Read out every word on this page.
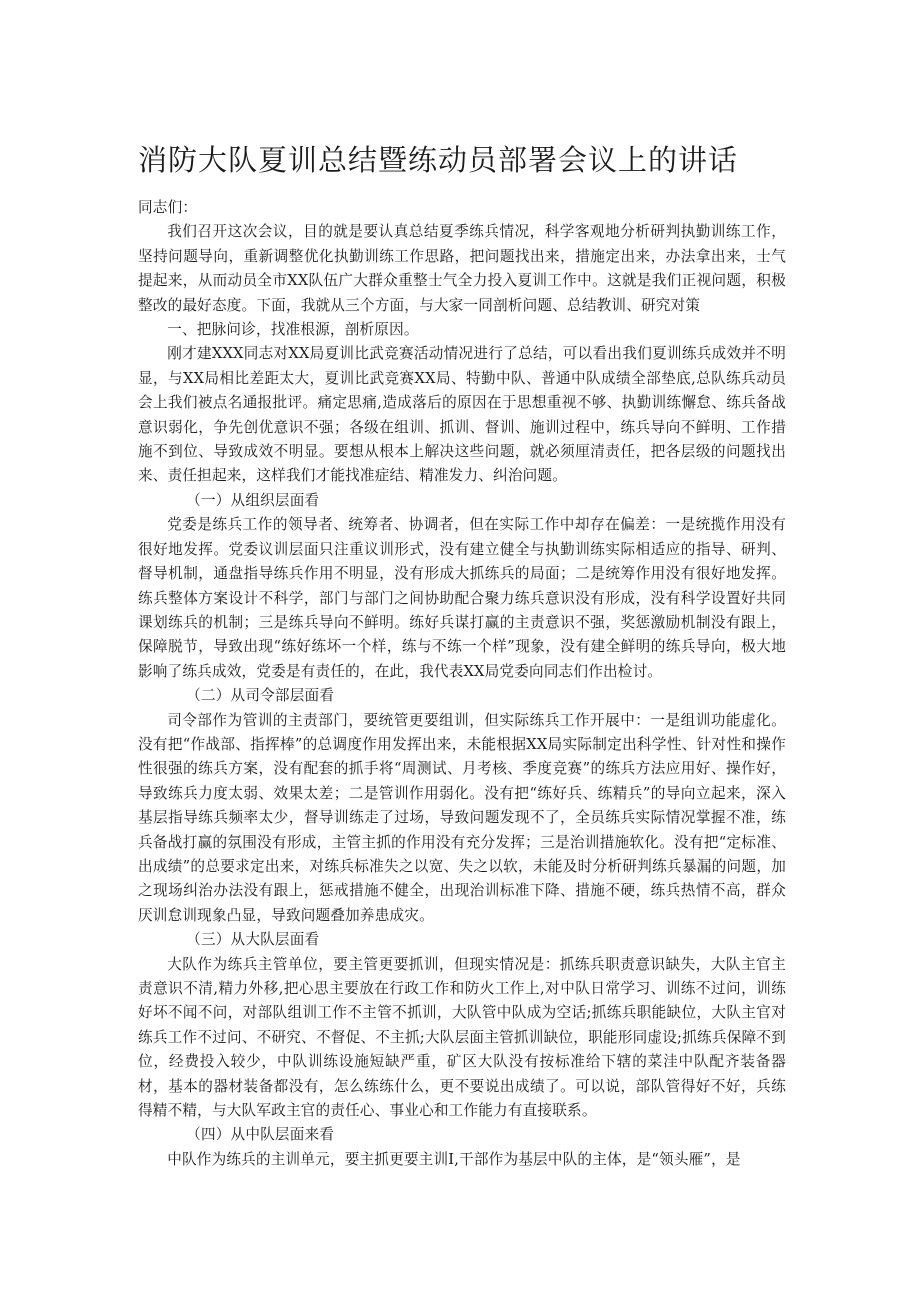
消防大队夏训总结暨练动员部署会议上的讲话

同志们：

我们召开这次会议，目的就是要认真总结夏季练兵情况，科学客观地分析研判执勤训练工作，坚持问题导向，重新调整优化执勤训练工作思路，把问题找出来，措施定出来，办法拿出来，士气提起来，从而动员全市XX队伍广大群众重整士气全力投入夏训工作中。这就是我们正视问题，积极整改的最好态度。下面，我就从三个方面，与大家一同剖析问题、总结教训、研究对策

一、把脉问诊，找准根源，剖析原因。

刚才建XXX同志对XX局夏训比武竞赛活动情况进行了总结，可以看出我们夏训练兵成效并不明显，与XX局相比差距太大，夏训比武竞赛XX局、特勤中队、普通中队成绩全部垫底,总队练兵动员会上我们被点名通报批评。痛定思痛,造成落后的原因在于思想重视不够、执勤训练懈怠、练兵备战意识弱化，争先创优意识不强；各级在组训、抓训、督训、施训过程中，练兵导向不鲜明、工作措施不到位、导致成效不明显。要想从根本上解决这些问题，就必须厘清责任，把各层级的问题找出来、责任担起来，这样我们才能找准症结、精准发力、纠治问题。

（一）从组织层面看

党委是练兵工作的领导者、统筹者、协调者，但在实际工作中却存在偏差：一是统揽作用没有很好地发挥。党委议训层面只注重议训形式，没有建立健全与执勤训练实际相适应的指导、研判、督导机制，通盘指导练兵作用不明显，没有形成大抓练兵的局面；二是统筹作用没有很好地发挥。练兵整体方案设计不科学，部门与部门之间协助配合聚力练兵意识没有形成，没有科学设置好共同课划练兵的机制；三是练兵导向不鲜明。练好兵谋打赢的主责意识不强，奖惩激励机制没有跟上，保障脱节，导致出现“练好练坏一个样，练与不练一个样”现象，没有建全鲜明的练兵导向，极大地影响了练兵成效，党委是有责任的，在此，我代表XX局党委向同志们作出检讨。

（二）从司令部层面看

司令部作为管训的主责部门，要统管更要组训，但实际练兵工作开展中：一是组训功能虚化。没有把“作战部、指挥棒”的总调度作用发挥出来，未能根据XX局实际制定出科学性、针对性和操作性很强的练兵方案，没有配套的抓手将“周测试、月考核、季度竞赛”的练兵方法应用好、操作好，导致练兵力度太弱、效果太差；二是管训作用弱化。没有把“练好兵、练精兵”的导向立起来，深入基层指导练兵频率太少，督导训练走了过场，导致问题发现不了，全员练兵实际情况掌握不准，练兵备战打赢的氛围没有形成，主管主抓的作用没有充分发挥；三是治训措施软化。没有把“定标准、出成绩”的总要求定出来，对练兵标准失之以宽、失之以软，未能及时分析研判练兵暴漏的问题，加之现场纠治办法没有跟上，惩戒措施不健全，出现治训标准下降、措施不硬，练兵热情不高，群众厌训怠训现象凸显，导致问题叠加养患成灾。

（三）从大队层面看

大队作为练兵主管单位，要主管更要抓训，但现实情况是：抓练兵职责意识缺失，大队主官主责意识不清,精力外移,把心思主要放在行政工作和防火工作上,对中队日常学习、训练不过问，训练好坏不闻不问，对部队组训工作不主管不抓训，大队管中队成为空话;抓练兵职能缺位，大队主官对练兵工作不过问、不研究、不督促、不主抓;大队层面主管抓训缺位，职能形同虚设;抓练兵保障不到位，经费投入较少，中队训练设施短缺严重，矿区大队没有按标准给下辖的菜洼中队配齐装备器材，基本的器材装备都没有，怎么练练什么，更不要说出成绩了。可以说，部队管得好不好，兵练得精不精，与大队军政主官的责任心、事业心和工作能力有直接联系。

（四）从中队层面来看

中队作为练兵的主训单元，要主抓更要主训I,干部作为基层中队的主体，是“领头雁”，是
